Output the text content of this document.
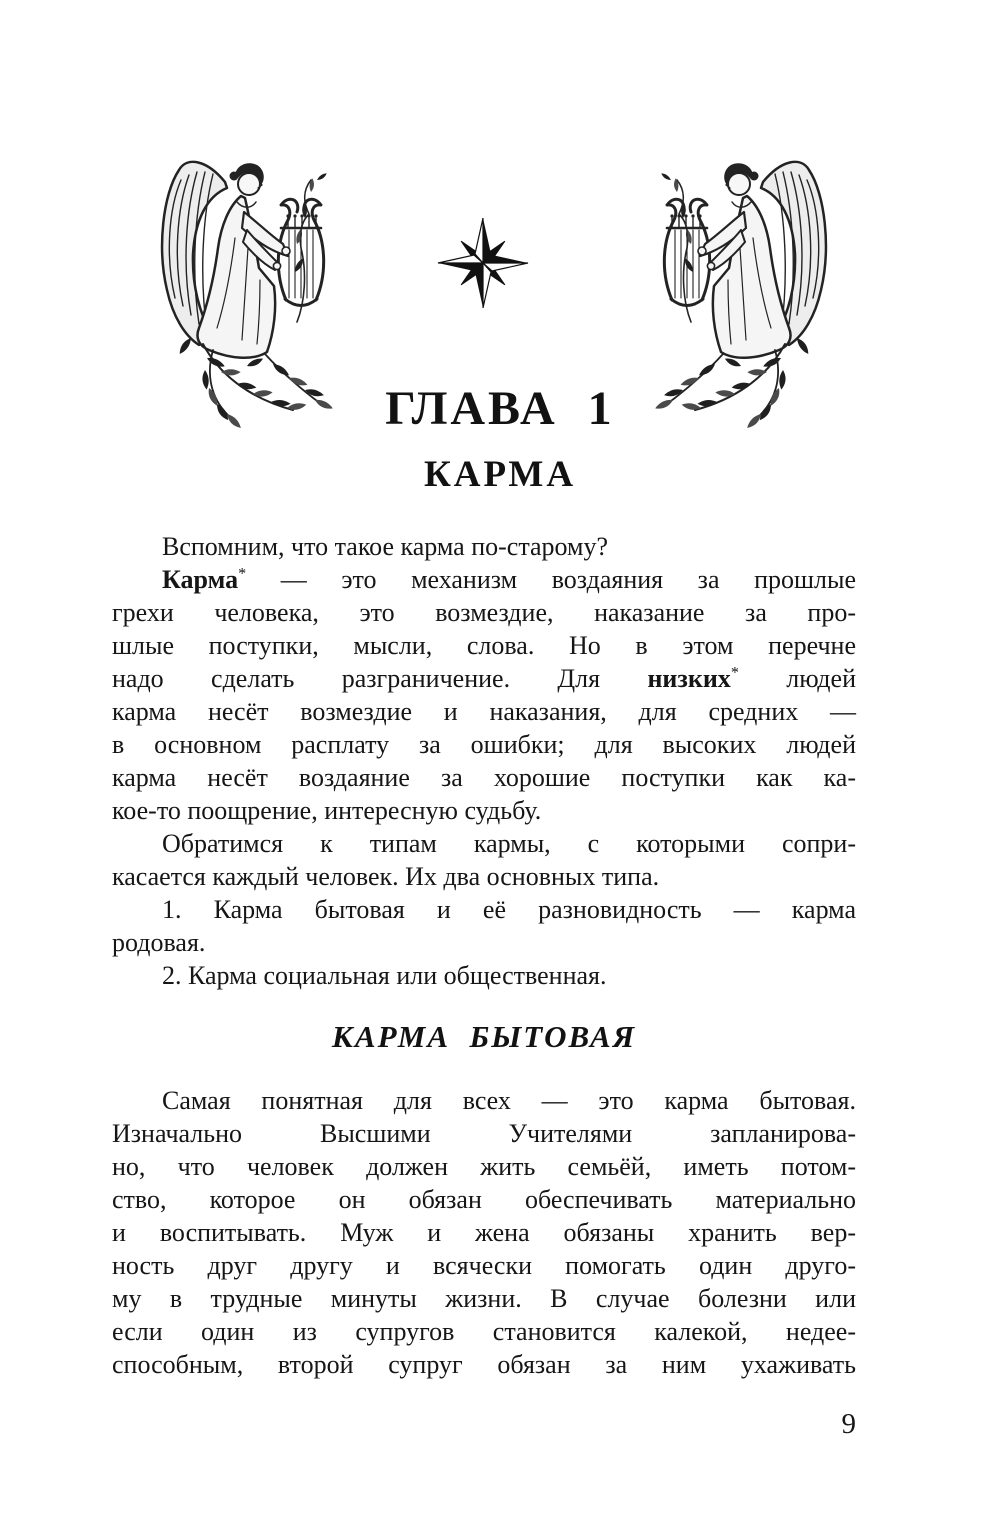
ГЛАВА  1
КАРМА
Вспомним, что такое карма по-старому?
Карма* — это механизм воздаяния за прошлые
грехи человека, это возмездие, наказание за про-
шлые поступки, мысли, слова. Но в этом перечне
надо сделать разграничение. Для низких* людей
карма несёт возмездие и наказания, для средних —
в основном расплату за ошибки; для высоких людей
карма несёт воздаяние за хорошие поступки как ка-
кое-то поощрение, интересную судьбу.
Обратимся к типам кармы, с которыми сопри-
касается каждый человек. Их два основных типа.
1. Карма бытовая и её разновидность — карма
родовая.
2. Карма социальная или общественная.
КАРМА  БЫТОВАЯ
Самая понятная для всех — это карма бытовая.
Изначально Высшими Учителями запланирова-
но, что человек должен жить семьёй, иметь потом-
ство, которое он обязан обеспечивать материально
и воспитывать. Муж и жена обязаны хранить вер-
ность друг другу и всячески помогать один друго-
му в трудные минуты жизни. В случае болезни или
если один из супругов становится калекой, недее-
способным, второй супруг обязан за ним ухаживать
9
